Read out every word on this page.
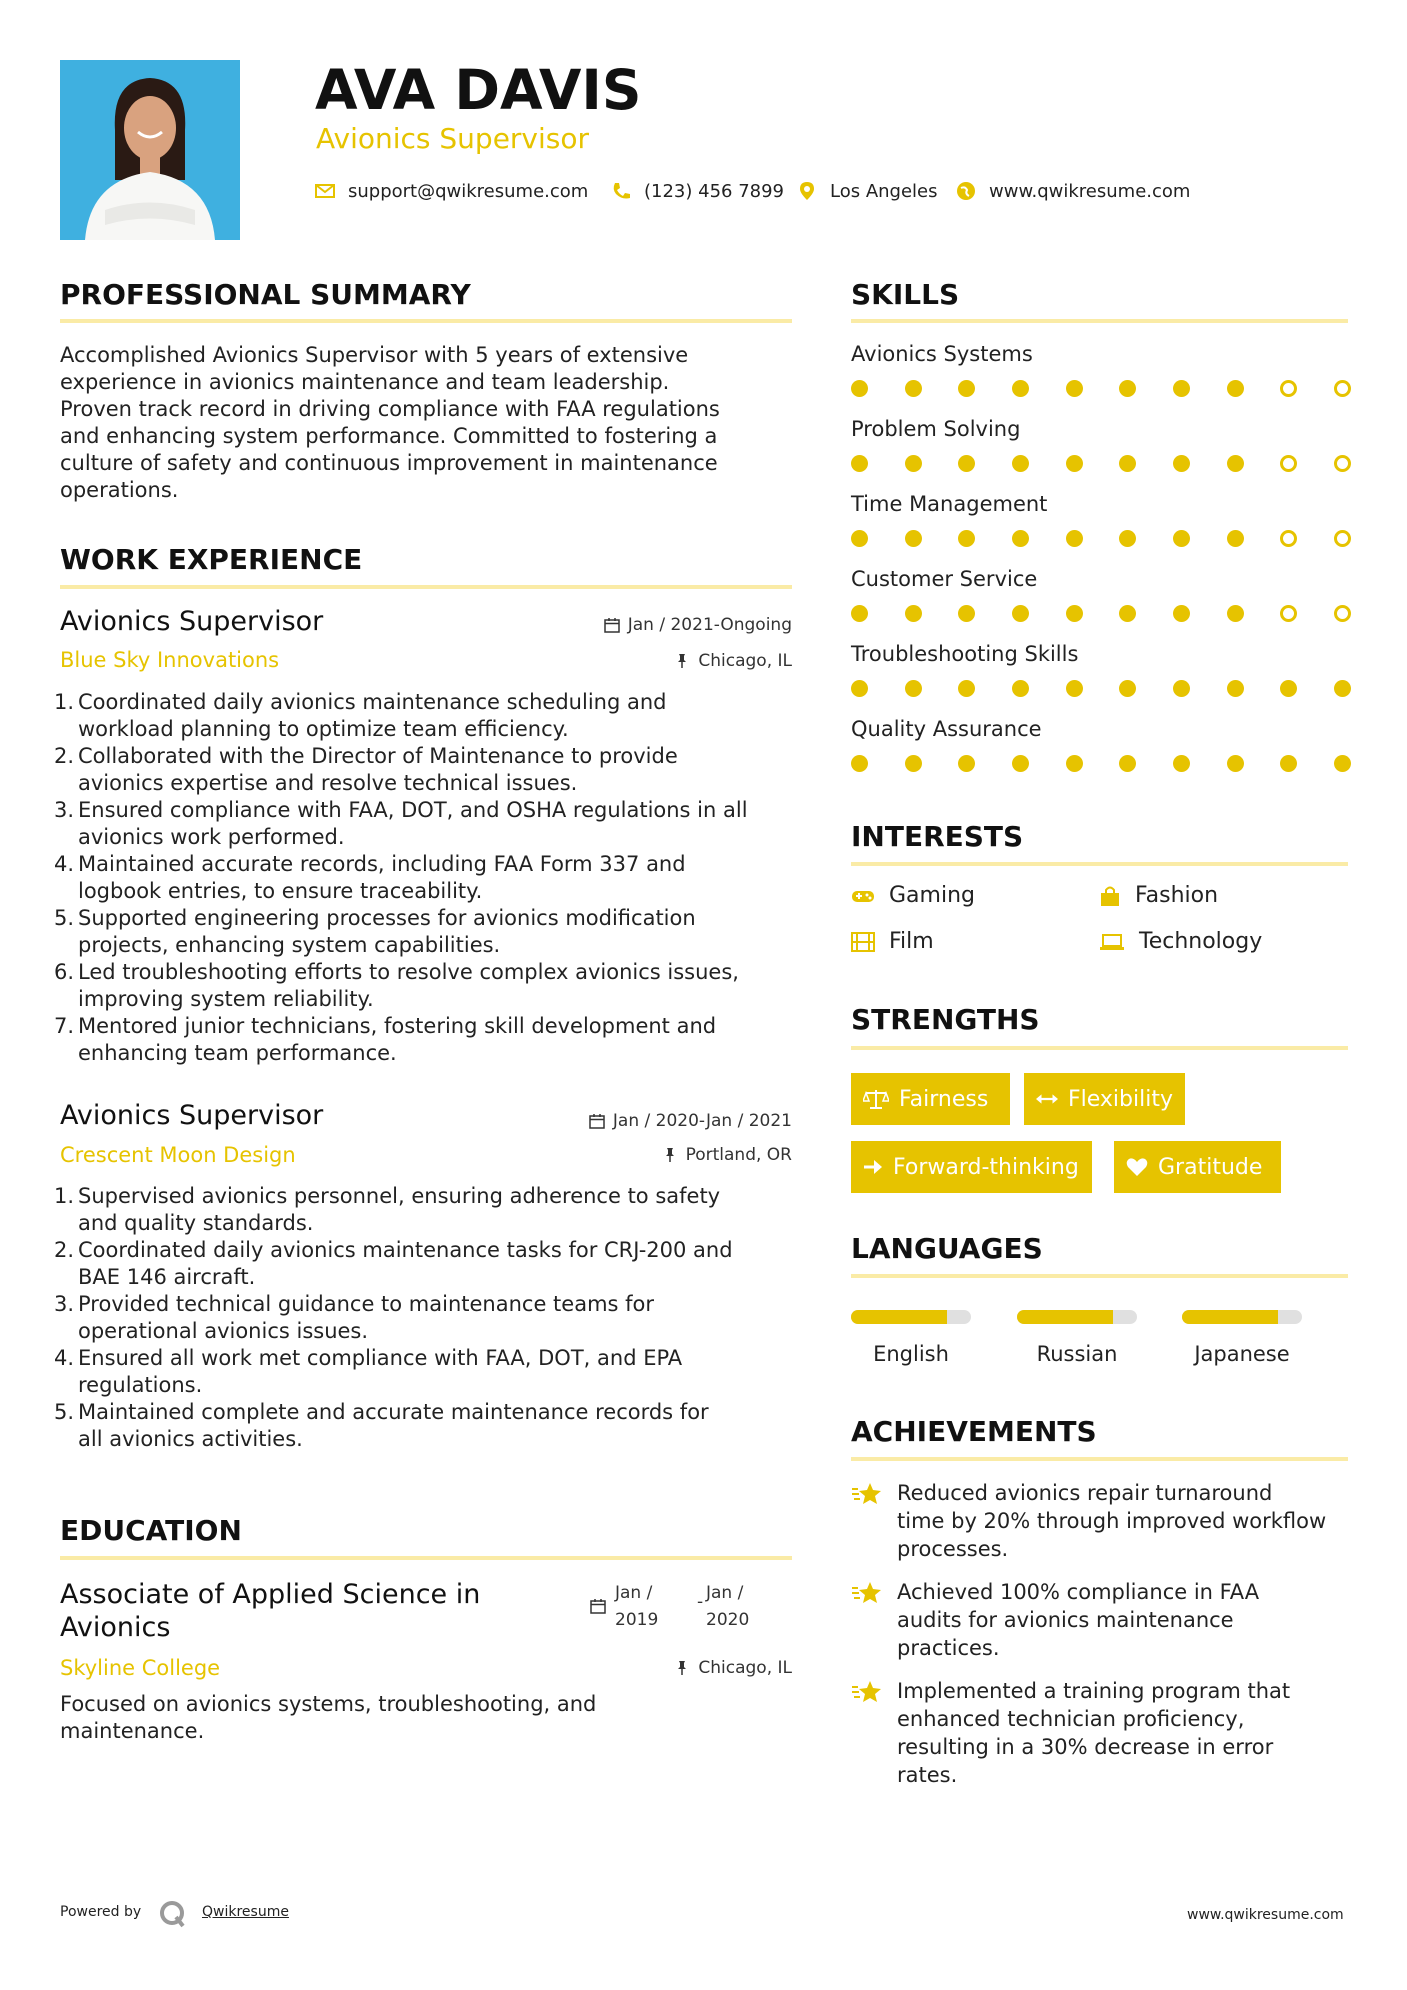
AVA DAVIS
Avionics Supervisor
support@qwikresume.com	(123) 456 7899	Los Angeles	www.qwikresume.com
PROFESSIONAL SUMMARY
Accomplished Avionics Supervisor with 5 years of extensive
experience in avionics maintenance and team leadership.
Proven track record in driving compliance with FAA regulations
and enhancing system performance. Committed to fostering a
culture of safety and continuous improvement in maintenance
operations.
WORK EXPERIENCE
Avionics Supervisor	Jan / 2021-Ongoing
Blue Sky Innovations	Chicago, IL
1. Coordinated daily avionics maintenance scheduling and
workload planning to optimize team efficiency.
2. Collaborated with the Director of Maintenance to provide
avionics expertise and resolve technical issues.
3. Ensured compliance with FAA, DOT, and OSHA regulations in all
avionics work performed.
4. Maintained accurate records, including FAA Form 337 and
logbook entries, to ensure traceability.
5. Supported engineering processes for avionics modification
projects, enhancing system capabilities.
6. Led troubleshooting efforts to resolve complex avionics issues,
improving system reliability.
7. Mentored junior technicians, fostering skill development and
enhancing team performance.
Avionics Supervisor	Jan / 2020-Jan / 2021
Crescent Moon Design	Portland, OR
1. Supervised avionics personnel, ensuring adherence to safety
and quality standards.
2. Coordinated daily avionics maintenance tasks for CRJ-200 and
BAE 146 aircraft.
3. Provided technical guidance to maintenance teams for
operational avionics issues.
4. Ensured all work met compliance with FAA, DOT, and EPA
regulations.
5. Maintained complete and accurate maintenance records for
all avionics activities.
EDUCATION
Associate of Applied Science in
Avionics
Jan /
2019
- Jan /
2020
Skyline College	Chicago, IL
Focused on avionics systems, troubleshooting, and
maintenance.
SKILLS
Avionics Systems
Problem Solving
Time Management
Customer Service
Troubleshooting Skills
Quality Assurance
INTERESTS
Gaming	Fashion
Film	Technology
STRENGTHS
Fairness	Flexibility
Forward-thinking	Gratitude
LANGUAGES
English	Russian	Japanese
ACHIEVEMENTS
Reduced avionics repair turnaround
time by 20% through improved workflow
processes.
Achieved 100% compliance in FAA
audits for avionics maintenance
practices.
Implemented a training program that
enhanced technician proficiency,
resulting in a 30% decrease in error
rates.
Powered by	Qwikresume	www.qwikresume.com
